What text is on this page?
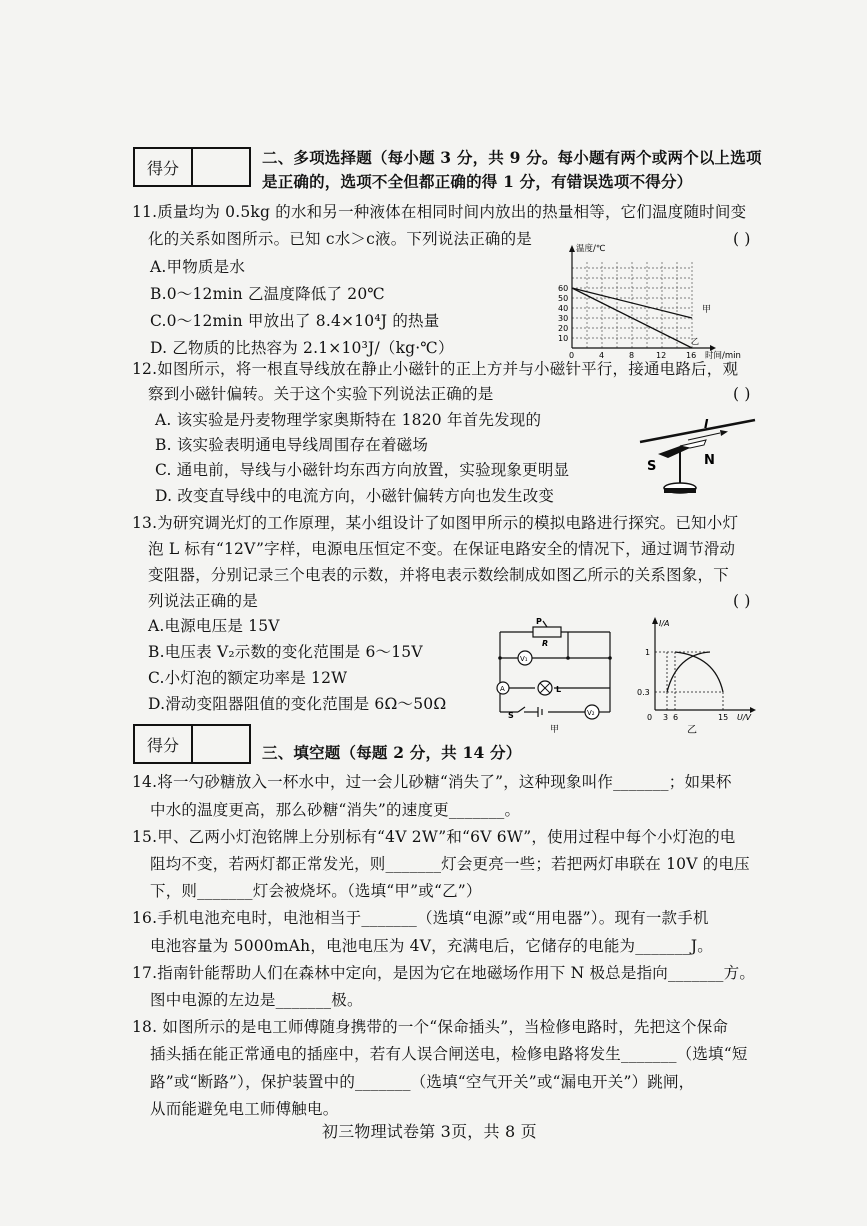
得分
二、多项选择题（每小题 3 分，共 9 分。每小题有两个或两个以上选项
是正确的，选项不全但都正确的得 1 分，有错误选项不得分）
11.质量均为 0.5kg 的水和另一种液体在相同时间内放出的热量相等，它们温度随时间变
化的关系如图所示。已知 c水＞c液。下列说法正确的是	( )
A.甲物质是水
B.0～12min 乙温度降低了 20℃
C.0～12min 甲放出了 8.4×10⁴J 的热量
D. 乙物质的比热容为 2.1×10³J/（kg·℃）
温度/℃
时间/min
甲
乙
60
50
40
30
20
10
0	4	8	12 16
12.如图所示，将一根直导线放在静止小磁针的正上方并与小磁针平行，接通电路后，观
察到小磁针偏转。关于这个实验下列说法正确的是	( )
A. 该实验是丹麦物理学家奥斯特在 1820 年首先发现的
B. 该实验表明通电导线周围存在着磁场
C. 通电前，导线与小磁针均东西方向放置，实验现象更明显
D. 改变直导线中的电流方向，小磁针偏转方向也发生改变
I
S	N
13.为研究调光灯的工作原理，某小组设计了如图甲所示的模拟电路进行探究。已知小灯
泡 L 标有“12V”字样，电源电压恒定不变。在保证电路安全的情况下，通过调节滑动
变阻器，分别记录三个电表的示数，并将电表示数绘制成如图乙所示的关系图象，下
列说法正确的是	( )
A.电源电压是 15V
B.电压表 V₂示数的变化范围是 6～15V
C.小灯泡的额定功率是 12W
D.滑动变阻器阻值的变化范围是 6Ω～50Ω
P
R
V₁
A	L
V₂
S
甲
I/A
U/V
1
0.3
0 3 6	15
乙
得分	三、填空题（每题 2 分，共 14 分）
14.将一勺砂糖放入一杯水中，过一会儿砂糖“消失了”，这种现象叫作_______；如果杯
中水的温度更高，那么砂糖“消失”的速度更_______。
15.甲、乙两小灯泡铭牌上分别标有“4V 2W”和“6V 6W”，使用过程中每个小灯泡的电
阻均不变，若两灯都正常发光，则_______灯会更亮一些；若把两灯串联在 10V 的电压
下，则_______灯会被烧坏。（选填“甲”或“乙”）
16.手机电池充电时，电池相当于_______（选填“电源”或“用电器”）。现有一款手机
电池容量为 5000mAh，电池电压为 4V，充满电后，它储存的电能为_______J。
17.指南针能帮助人们在森林中定向，是因为它在地磁场作用下 N 极总是指向_______方。
图中电源的左边是_______极。
18. 如图所示的是电工师傅随身携带的一个“保命插头”，当检修电路时，先把这个保命
插头插在能正常通电的插座中，若有人误合闸送电，检修电路将发生_______（选填“短
路”或“断路”），保护装置中的_______（选填“空气开关”或“漏电开关”）跳闸，
从而能避免电工师傅触电。
初三物理试卷第 3页，共 8 页
